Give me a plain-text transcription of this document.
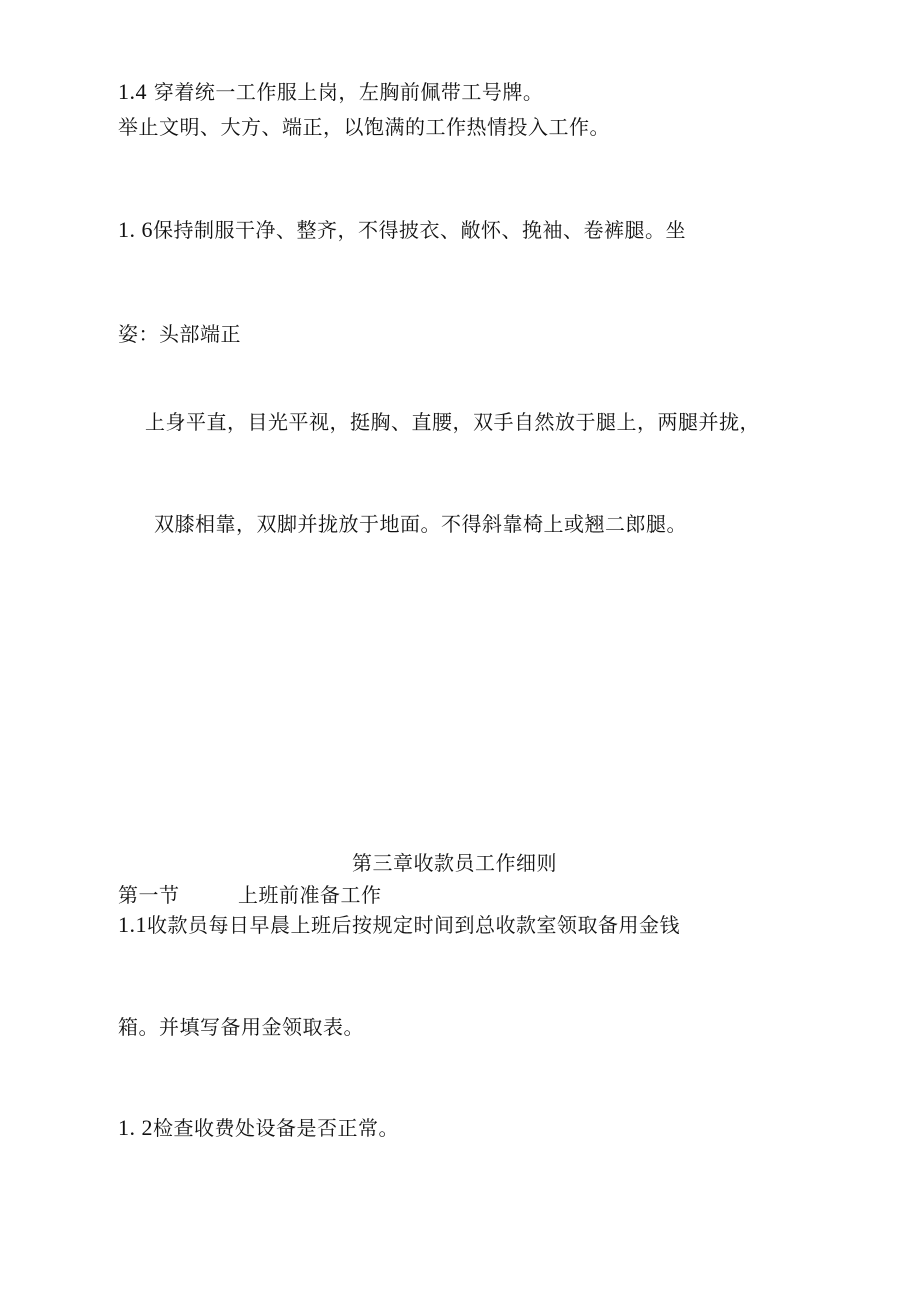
1.4 穿着统一工作服上岗，左胸前佩带工号牌。
举止文明、大方、端正，以饱满的工作热情投入工作。
1. 6保持制服干净、整齐，不得披衣、敞怀、挽袖、卷裤腿。坐
姿：头部端正
上身平直，目光平视，挺胸、直腰，双手自然放于腿上，两腿并拢，
双膝相靠，双脚并拢放于地面。不得斜靠椅上或翘二郎腿。
第三章收款员工作细则
第一节	上班前准备工作
1.1收款员每日早晨上班后按规定时间到总收款室领取备用金钱
箱。并填写备用金领取表。
1. 2检查收费处设备是否正常。
